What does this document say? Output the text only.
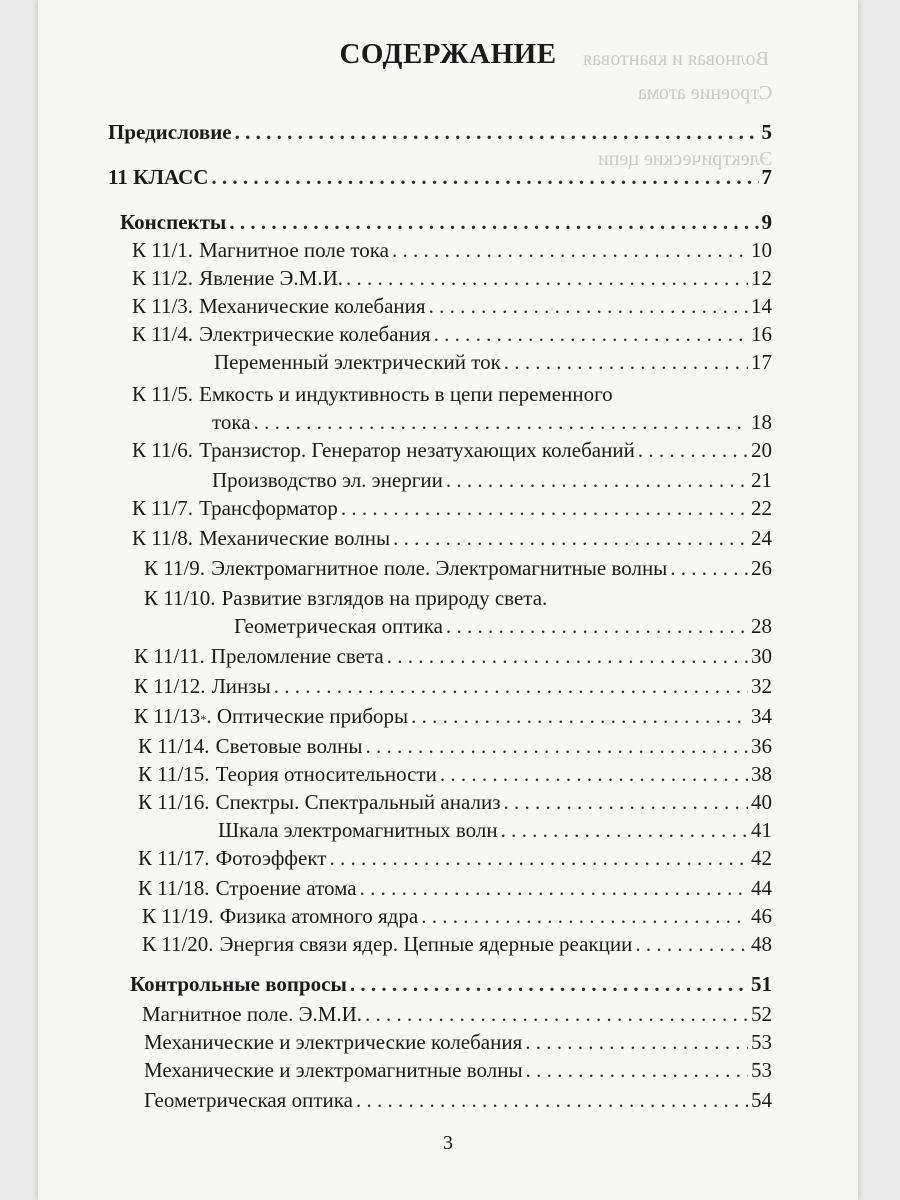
Волновая и квантовая
Строение атома
Электрические цепи
СОДЕРЖАНИЕ
Предисловие . . .	5
11 КЛАСС . . .	7
Конспекты . . .	9
К 11/1. Магнитное поле тока . . .	10
К 11/2. Явление Э.М.И. . . .	12
К 11/3. Механические колебания . . .	14
К 11/4. Электрические колебания . . .	16
Переменный электрический ток . . .	17
К 11/5. Емкость и индуктивность в цепи переменного
тока . . .	18
К 11/6. Транзистор. Генератор незатухающих колебаний . . .	20
Производство эл. энергии . . .	21
К 11/7. Трансформатор . . .	22
К 11/8. Механические волны . . .	24
К 11/9. Электромагнитное поле. Электромагнитные волны . . .	26
К 11/10. Развитие взглядов на природу света.
Геометрическая оптика . . .	28
К 11/11. Преломление света . . .	30
К 11/12. Линзы . . .	32
К 11/13 * . Оптические приборы . . .	34
К 11/14. Световые волны . . .	36
К 11/15. Теория относительности . . .	38
К 11/16. Спектры. Спектральный анализ . . .	40
Шкала электромагнитных волн . . .	41
К 11/17. Фотоэффект . . .	42
К 11/18. Строение атома . . .	44
К 11/19. Физика атомного ядра . . .	46
К 11/20. Энергия связи ядер. Цепные ядерные реакции . . .	48
Контрольные вопросы . . .	51
Магнитное поле. Э.М.И. . . .	52
Механические и электрические колебания . . .	53
Механические и электромагнитные волны . . .	53
Геометрическая оптика . . .	54
3
